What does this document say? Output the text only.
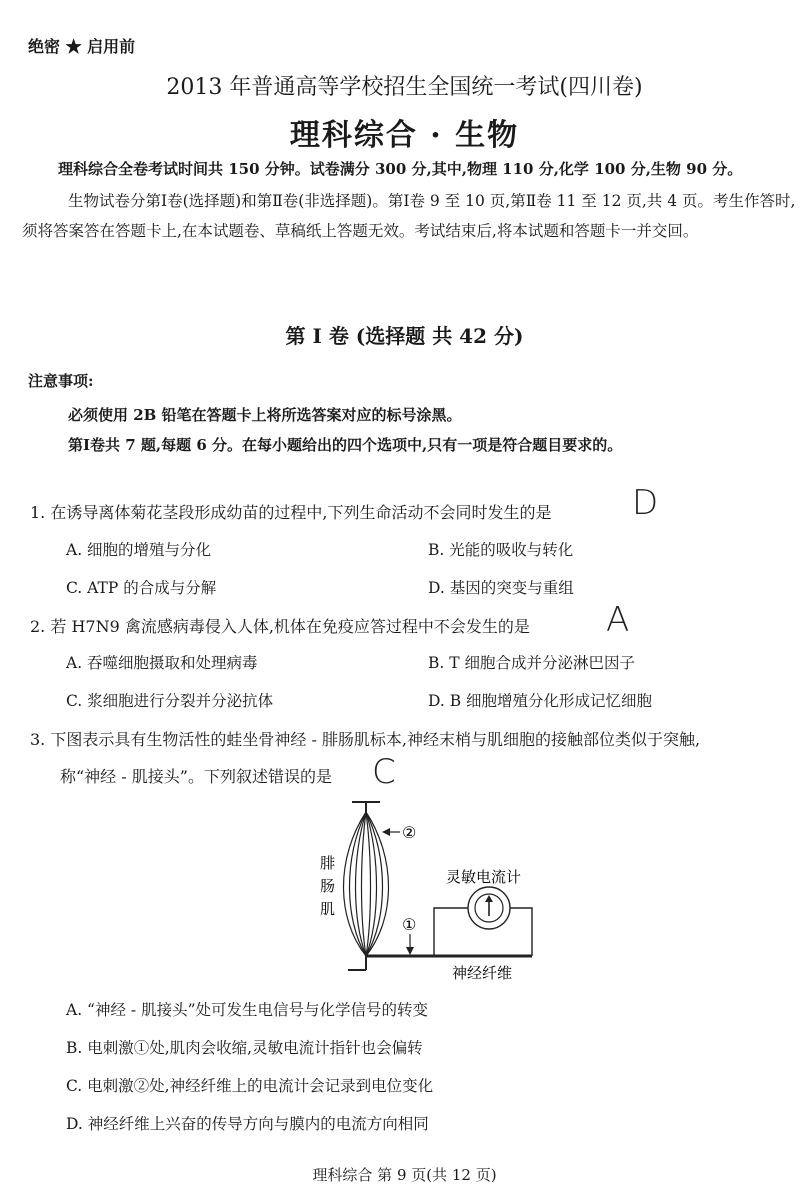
绝密 ★ 启用前
2013 年普通高等学校招生全国统一考试(四川卷)
理科综合 · 生物
理科综合全卷考试时间共 150 分钟。试卷满分 300 分,其中,物理 110 分,化学 100 分,生物 90 分。
生物试卷分第Ⅰ卷(选择题)和第Ⅱ卷(非选择题)。第Ⅰ卷 9 至 10 页,第Ⅱ卷 11 至 12 页,共 4 页。考生作答时,须将答案答在答题卡上,在本试题卷、草稿纸上答题无效。考试结束后,将本试题和答题卡一并交回。
第 Ⅰ 卷 (选择题 共 42 分)
注意事项:
必须使用 2B 铅笔在答题卡上将所选答案对应的标号涂黑。
第Ⅰ卷共 7 题,每题 6 分。在每小题给出的四个选项中,只有一项是符合题目要求的。
1. 在诱导离体菊花茎段形成幼苗的过程中,下列生命活动不会同时发生的是 D
A. 细胞的增殖与分化	B. 光能的吸收与转化
C. ATP 的合成与分解	D. 基因的突变与重组
2. 若 H7N9 禽流感病毒侵入人体,机体在免疫应答过程中不会发生的是 A
A. 吞噬细胞摄取和处理病毒	B. T 细胞合成并分泌淋巴因子
C. 浆细胞进行分裂并分泌抗体	D. B 细胞增殖分化形成记忆细胞
3. 下图表示具有生物活性的蛙坐骨神经 - 腓肠肌标本,神经末梢与肌细胞的接触部位类似于突触,
称“神经 - 肌接头”。下列叙述错误的是 C
②
①
灵敏电流计
神经纤维
腓
肠
肌
A. “神经 - 肌接头”处可发生电信号与化学信号的转变
B. 电刺激①处,肌肉会收缩,灵敏电流计指针也会偏转
C. 电刺激②处,神经纤维上的电流计会记录到电位变化
D. 神经纤维上兴奋的传导方向与膜内的电流方向相同
理科综合 第 9 页(共 12 页)
